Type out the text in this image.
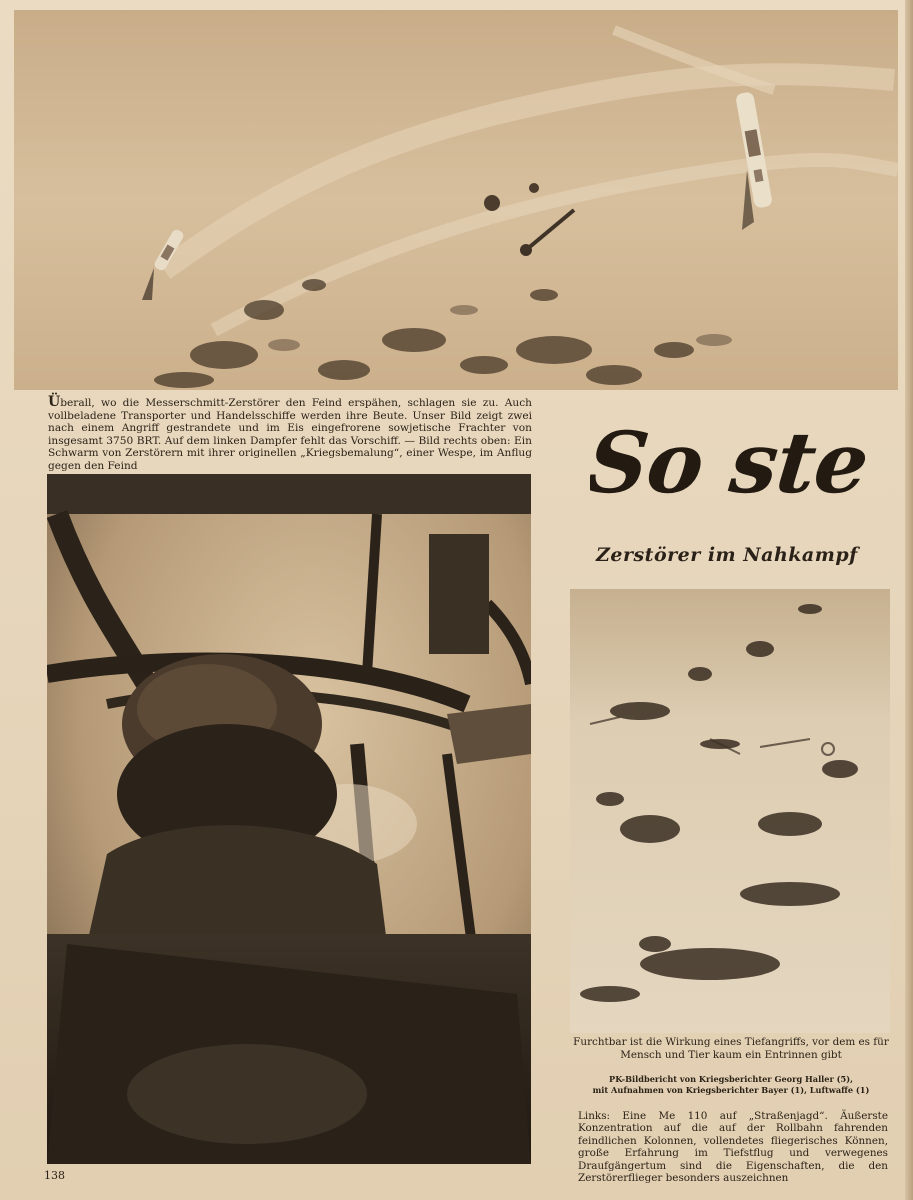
Überall, wo die Messerschmitt-Zerstörer den Feind erspähen, schlagen sie zu. Auch vollbeladene Transporter und Handelsschiffe werden ihre Beute. Unser Bild zeigt zwei nach einem Angriff gestrandete und im Eis eingefrorene sowjetische Frachter von insgesamt 3750 BRT. Auf dem linken Dampfer fehlt das Vorschiff. — Bild rechts oben: Ein Schwarm von Zerstörern mit ihrer originellen „Kriegsbemalung“, einer Wespe, im Anflug gegen den Feind	So ste
Zerstörer im Nahkampf
Furchtbar ist die Wirkung eines Tiefangriffs, vor dem es für Mensch und Tier kaum ein Entrinnen gibt
PK-Bildbericht von Kriegsberichter Georg Haller (5),
mit Aufnahmen von Kriegsberichter Bayer (1), Luftwaffe (1)
Links: Eine Me 110 auf „Straßenjagd“. Äußerste Konzentration auf die auf der Rollbahn fahrenden feindlichen Kolonnen, vollendetes fliegerisches Können, große Erfahrung im Tiefstflug und verwegenes Draufgängertum sind die Eigenschaften, die den Zerstörerflieger besonders auszeichnen
138
